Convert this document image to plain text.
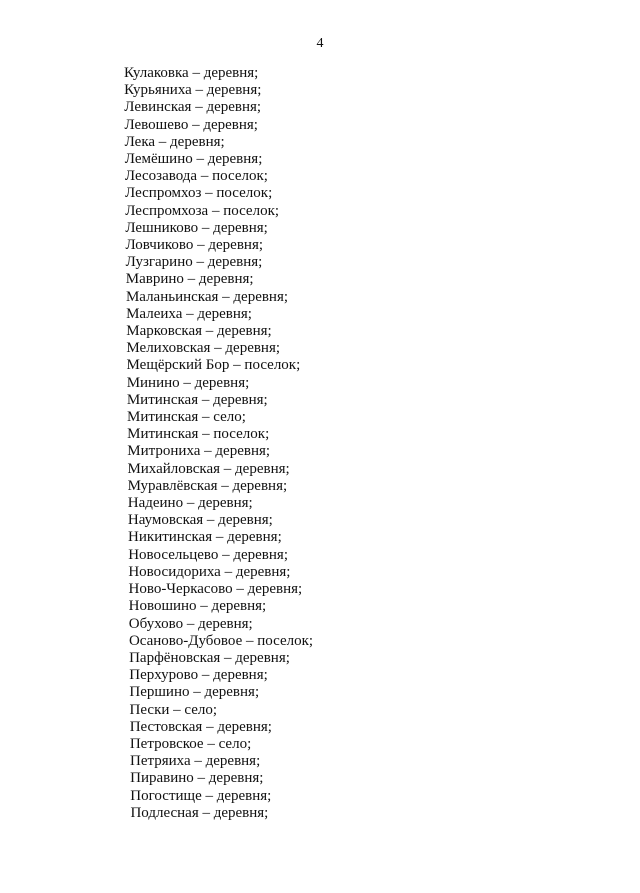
4
Кулаковка – деревня;
Курьяниха – деревня;
Левинская – деревня;
Левошево – деревня;
Лека – деревня;
Лемёшино – деревня;
Лесозавода – поселок;
Леспромхоз – поселок;
Леспромхоза – поселок;
Лешниково – деревня;
Ловчиково – деревня;
Лузгарино – деревня;
Маврино – деревня;
Маланьинская – деревня;
Малеиха – деревня;
Марковская – деревня;
Мелиховская – деревня;
Мещёрский Бор – поселок;
Минино – деревня;
Митинская – деревня;
Митинская – село;
Митинская – поселок;
Митрониха – деревня;
Михайловская – деревня;
Муравлёвская – деревня;
Надеино – деревня;
Наумовская – деревня;
Никитинская – деревня;
Новосельцево – деревня;
Новосидориха – деревня;
Ново-Черкасово – деревня;
Новошино – деревня;
Обухово – деревня;
Осаново-Дубовое – поселок;
Парфёновская – деревня;
Перхурово – деревня;
Першино – деревня;
Пески – село;
Пестовская – деревня;
Петровское – село;
Петряиха – деревня;
Пиравино – деревня;
Погостище – деревня;
Подлесная – деревня;
